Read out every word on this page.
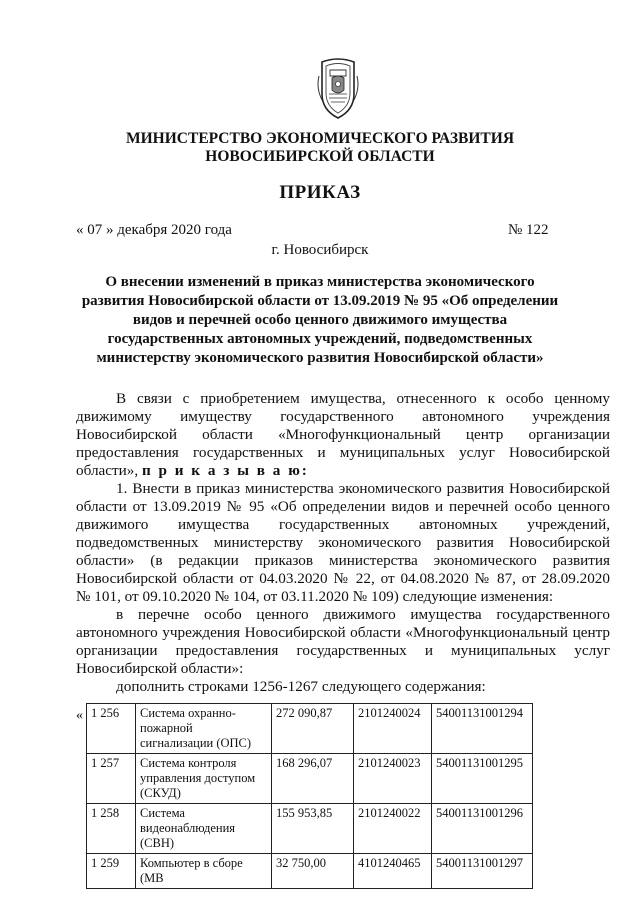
МИНИСТЕРСТВО ЭКОНОМИЧЕСКОГО РАЗВИТИЯ
НОВОСИБИРСКОЙ ОБЛАСТИ
ПРИКАЗ
« 07 » декабря 2020 года	№ 122
г. Новосибирск
О внесении изменений в приказ министерства экономического развития Новосибирской области от 13.09.2019 № 95 «Об определении видов и перечней особо ценного движимого имущества государственных автономных учреждений, подведомственных министерству экономического развития Новосибирской области»
В связи с приобретением имущества, отнесенного к особо ценному
движимому имуществу государственного автономного учреждения
Новосибирской области «Многофункциональный центр организации
предоставления государственных и муниципальных услуг Новосибирской
области», п р и к а з ы в а ю:
1. Внести в приказ министерства экономического развития Новосибирской
области от 13.09.2019 № 95 «Об определении видов и перечней особо ценного
движимого имущества государственных автономных учреждений,
подведомственных министерству экономического развития Новосибирской
области» (в редакции приказов министерства экономического развития
Новосибирской области от 04.03.2020 № 22, от 04.08.2020 № 87, от 28.09.2020
№ 101, от 09.10.2020 № 104, от 03.11.2020 № 109) следующие изменения:
в перечне особо ценного движимого имущества государственного
автономного учреждения Новосибирской области «Многофункциональный центр
организации предоставления государственных и муниципальных услуг
Новосибирской области»:
дополнить строками 1256-1267 следующего содержания:
« 1 256	Система охранно-пожарной сигнализации (ОПС)	272 090,87	2101240024	54001131001294
1 257	Система контроля управления доступом (СКУД)	168 296,07	2101240023	54001131001295
1 258	Система видеонаблюдения (СВН)	155 953,85	2101240022	54001131001296
1 259	Компьютер в сборе (МВ	32 750,00	4101240465	54001131001297
